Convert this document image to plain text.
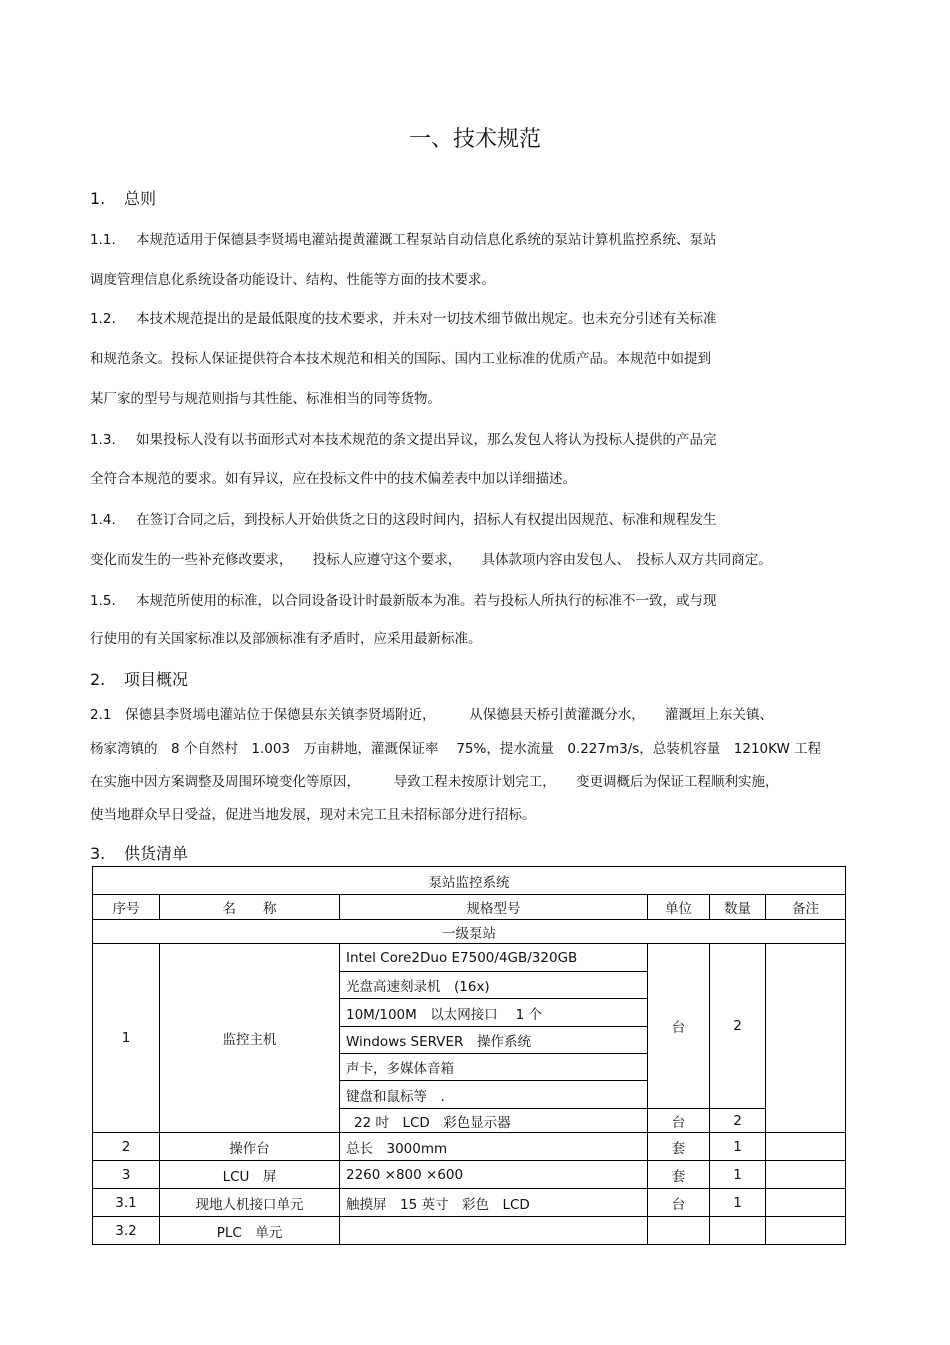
一、技术规范
1. 总则
1.1. 本规范适用于保德县李贤墕电灌站提黄灌溉工程泵站自动信息化系统的泵站计算机监控系统、泵站
调度管理信息化系统设备功能设计、结构、性能等方面的技术要求。
1.2. 本技术规范提出的是最低限度的技术要求，并未对一切技术细节做出规定。也未充分引述有关标准
和规范条文。投标人保证提供符合本技术规范和相关的国际、国内工业标准的优质产品。本规范中如提到
某厂家的型号与规范则指与其性能、标准相当的同等货物。
1.3. 如果投标人没有以书面形式对本技术规范的条文提出异议，那么发包人将认为投标人提供的产品完
全符合本规范的要求。如有异议，应在投标文件中的技术偏差表中加以详细描述。
1.4. 在签订合同之后，到投标人开始供货之日的这段时间内，招标人有权提出因规范、标准和规程发生
变化而发生的一些补充修改要求，　　投标人应遵守这个要求，　　具体款项内容由发包人、　投标人双方共同商定。
1.5. 本规范所使用的标准，以合同设备设计时最新版本为准。若与投标人所执行的标准不一致，或与现
行使用的有关国家标准以及部颁标准有矛盾时，应采用最新标准。
2. 项目概况
2.1　保德县李贤墕电灌站位于保德县东关镇李贤墕附近，　　　从保德县天桥引黄灌溉分水，　　灌溉垣上东关镇、
杨家湾镇的　8 个自然村　1.003　万亩耕地，灌溉保证率　 75%，提水流量　0.227m3/s，总装机容量　1210KW 工程
在实施中因方案调整及周围环境变化等原因，　　　导致工程未按原计划完工，　　变更调概后为保证工程顺利实施，
使当地群众早日受益，促进当地发展，现对未完工且未招标部分进行招标。
3. 供货清单
泵站监控系统					
序号	名　　称	规格型号	单位	数量	备注
一级泵站					
1	监控主机	Intel Core2Duo E7500/4GB/320GB	台	2	
		光盘高速刻录机　(16x)			
		10M/100M　以太网接口　 1 个			
		Windows SERVER　操作系统			
		声卡，多媒体音箱			
		键盘和鼠标等　.			
		22 吋　LCD　彩色显示器	台	2	
2	操作台	总长　3000mm	套	1	
3	LCU　屏	2260 ×800 ×600	套	1	
3.1	现地人机接口单元	触摸屏　15 英寸　彩色　LCD	台	1	
3.2	PLC　单元				
